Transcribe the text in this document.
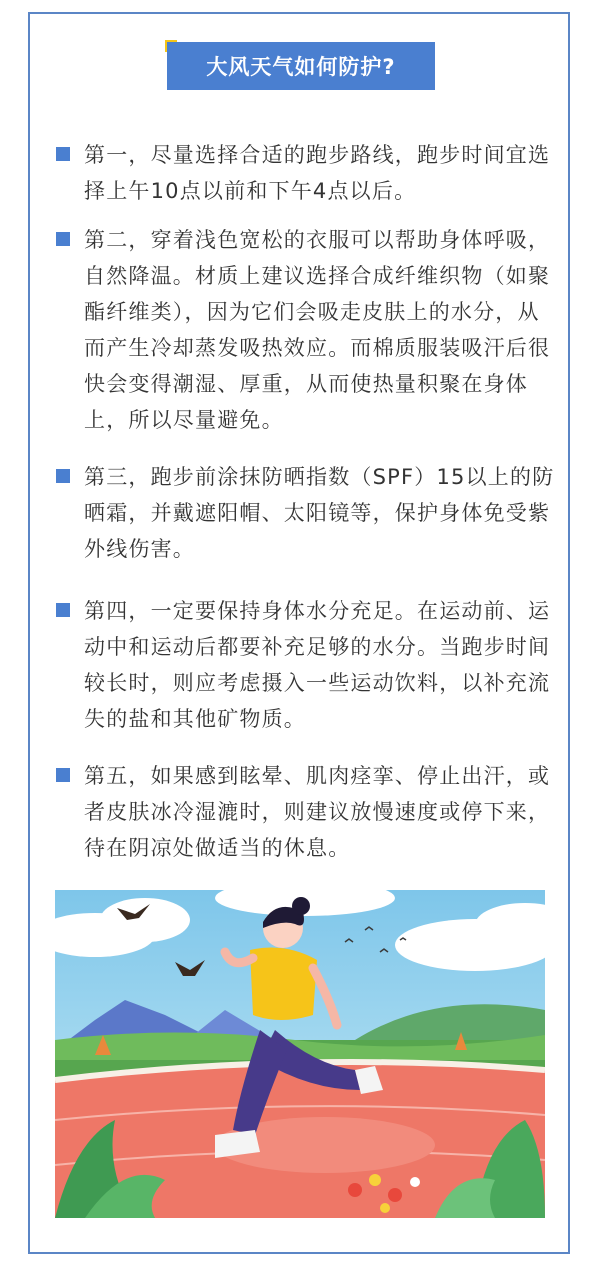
大风天气如何防护?
第一，尽量选择合适的跑步路线，跑步时间宜选择上午10点以前和下午4点以后。
第二，穿着浅色宽松的衣服可以帮助身体呼吸，自然降温。材质上建议选择合成纤维织物（如聚酯纤维类），因为它们会吸走皮肤上的水分，从而产生冷却蒸发吸热效应。而棉质服装吸汗后很快会变得潮湿、厚重，从而使热量积聚在身体上，所以尽量避免。
第三，跑步前涂抹防晒指数（SPF）15以上的防晒霜，并戴遮阳帽、太阳镜等，保护身体免受紫外线伤害。
第四，一定要保持身体水分充足。在运动前、运动中和运动后都要补充足够的水分。当跑步时间较长时，则应考虑摄入一些运动饮料，以补充流失的盐和其他矿物质。
第五，如果感到眩晕、肌肉痉挛、停止出汗，或者皮肤冰冷湿漉时，则建议放慢速度或停下来，待在阴凉处做适当的休息。
